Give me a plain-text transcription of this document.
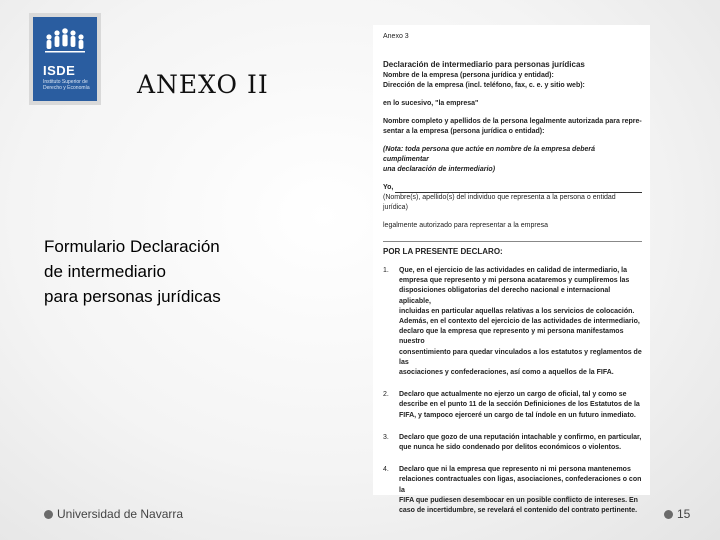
ISDE
Instituto Superior de Derecho y Economía ANEXO II
Formulario Declaración
de intermediario
para personas jurídicas
Anexo 3
Declaración de intermediario para personas jurídicas
Nombre de la empresa (persona jurídica y entidad):
Dirección de la empresa (incl. teléfono, fax, c. e. y sitio web):
en lo sucesivo, "la empresa"
Nombre completo y apellidos de la persona legalmente autorizada para repre-
sentar a la empresa (persona jurídica o entidad):
(Nota: toda persona que actúe en nombre de la empresa deberá cumplimentar
una declaración de intermediario)
Yo,
(Nombre(s), apellido(s) del individuo que representa a la persona o entidad
jurídica)
legalmente autorizado para representar a la empresa
POR LA PRESENTE DECLARO:
1.	Que, en el ejercicio de las actividades en calidad de intermediario, la
empresa que represento y mi persona acataremos y cumpliremos las
disposiciones obligatorias del derecho nacional e internacional aplicable,
incluidas en particular aquellas relativas a los servicios de colocación.
Además, en el contexto del ejercicio de las actividades de intermediario,
declaro que la empresa que represento y mi persona manifestamos nuestro
consentimiento para quedar vinculados a los estatutos y reglamentos de las
asociaciones y confederaciones, así como a aquellos de la FIFA.
2.	Declaro que actualmente no ejerzo un cargo de oficial, tal y como se
describe en el punto 11 de la sección Definiciones de los Estatutos de la
FIFA, y tampoco ejerceré un cargo de tal índole en un futuro inmediato.
3.	Declaro que gozo de una reputación intachable y confirmo, en particular,
que nunca he sido condenado por delitos económicos o violentos.
4.	Declaro que ni la empresa que represento ni mi persona mantenemos
relaciones contractuales con ligas, asociaciones, confederaciones o con la
FIFA que pudiesen desembocar en un posible conflicto de intereses. En
caso de incertidumbre, se revelará el contenido del contrato pertinente.
Universidad de Navarra	15
